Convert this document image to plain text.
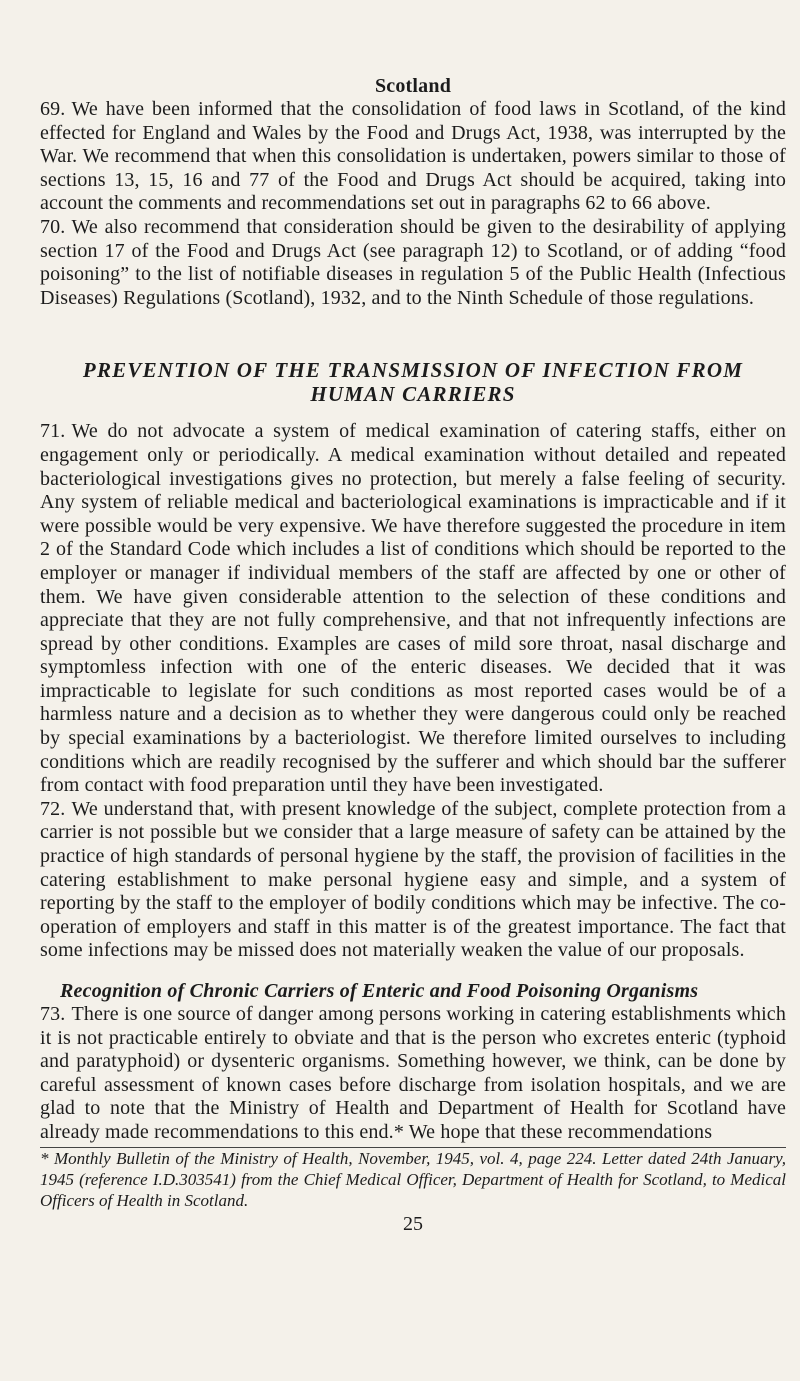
Scotland

69. We have been informed that the consolidation of food laws in Scotland, of the kind effected for England and Wales by the Food and Drugs Act, 1938, was interrupted by the War. We recommend that when this consolidation is undertaken, powers similar to those of sections 13, 15, 16 and 77 of the Food and Drugs Act should be acquired, taking into account the comments and recommendations set out in paragraphs 62 to 66 above.

70. We also recommend that consideration should be given to the desirability of applying section 17 of the Food and Drugs Act (see paragraph 12) to Scotland, or of adding “food poisoning” to the list of notifiable diseases in regulation 5 of the Public Health (Infectious Diseases) Regulations (Scotland), 1932, and to the Ninth Schedule of those regulations.

PREVENTION OF THE TRANSMISSION OF INFECTION FROM HUMAN CARRIERS

71. We do not advocate a system of medical examination of catering staffs, either on engagement only or periodically. A medical examination without detailed and repeated bacteriological investigations gives no protection, but merely a false feeling of security. Any system of reliable medical and bacteriological examinations is impracticable and if it were possible would be very expensive. We have therefore suggested the procedure in item 2 of the Standard Code which includes a list of conditions which should be reported to the employer or manager if individual members of the staff are affected by one or other of them. We have given considerable attention to the selection of these conditions and appreciate that they are not fully comprehensive, and that not infrequently infections are spread by other conditions. Examples are cases of mild sore throat, nasal discharge and symptomless infection with one of the enteric diseases. We decided that it was impracticable to legislate for such conditions as most reported cases would be of a harmless nature and a decision as to whether they were dangerous could only be reached by special examinations by a bacteriologist. We therefore limited ourselves to including conditions which are readily recognised by the sufferer and which should bar the sufferer from contact with food preparation until they have been investigated.

72. We understand that, with present knowledge of the subject, complete protection from a carrier is not possible but we consider that a large measure of safety can be attained by the practice of high standards of personal hygiene by the staff, the provision of facilities in the catering establishment to make personal hygiene easy and simple, and a system of reporting by the staff to the employer of bodily conditions which may be infective. The co-operation of employers and staff in this matter is of the greatest importance. The fact that some infections may be missed does not materially weaken the value of our proposals.

Recognition of Chronic Carriers of Enteric and Food Poisoning Organisms

73. There is one source of danger among persons working in catering establishments which it is not practicable entirely to obviate and that is the person who excretes enteric (typhoid and paratyphoid) or dysenteric organisms. Something however, we think, can be done by careful assessment of known cases before discharge from isolation hospitals, and we are glad to note that the Ministry of Health and Department of Health for Scotland have already made recommendations to this end.* We hope that these recommendations

* Monthly Bulletin of the Ministry of Health, November, 1945, vol. 4, page 224. Letter dated 24th January, 1945 (reference I.D.303541) from the Chief Medical Officer, Department of Health for Scotland, to Medical Officers of Health in Scotland.

25
